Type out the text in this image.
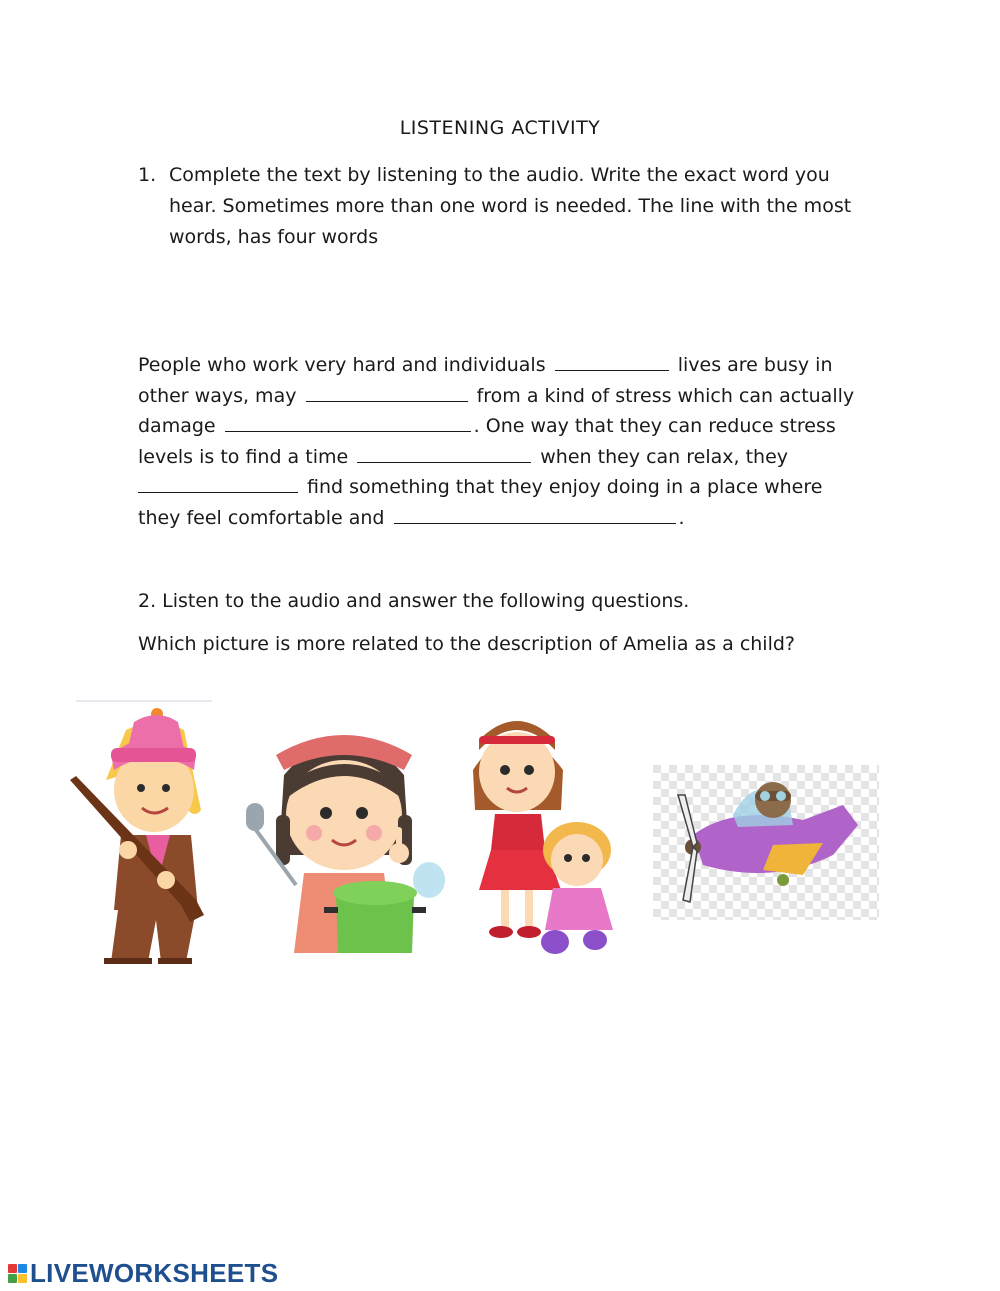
LISTENING ACTIVITY
1. Complete the text by listening to the audio. Write the exact word you
hear. Sometimes more than one word is needed. The line with the most
words, has four words
People who work very hard and individuals	lives are busy in
other ways, may	from a kind of stress which can actually
damage	. One way that they can reduce stress
levels is to find a time	when they can relax, they
find something that they enjoy doing in a place where
they feel comfortable and	.
2. Listen to the audio and answer the following questions.
Which picture is more related to the description of Amelia as a child?
LIVEWORKSHEETS
